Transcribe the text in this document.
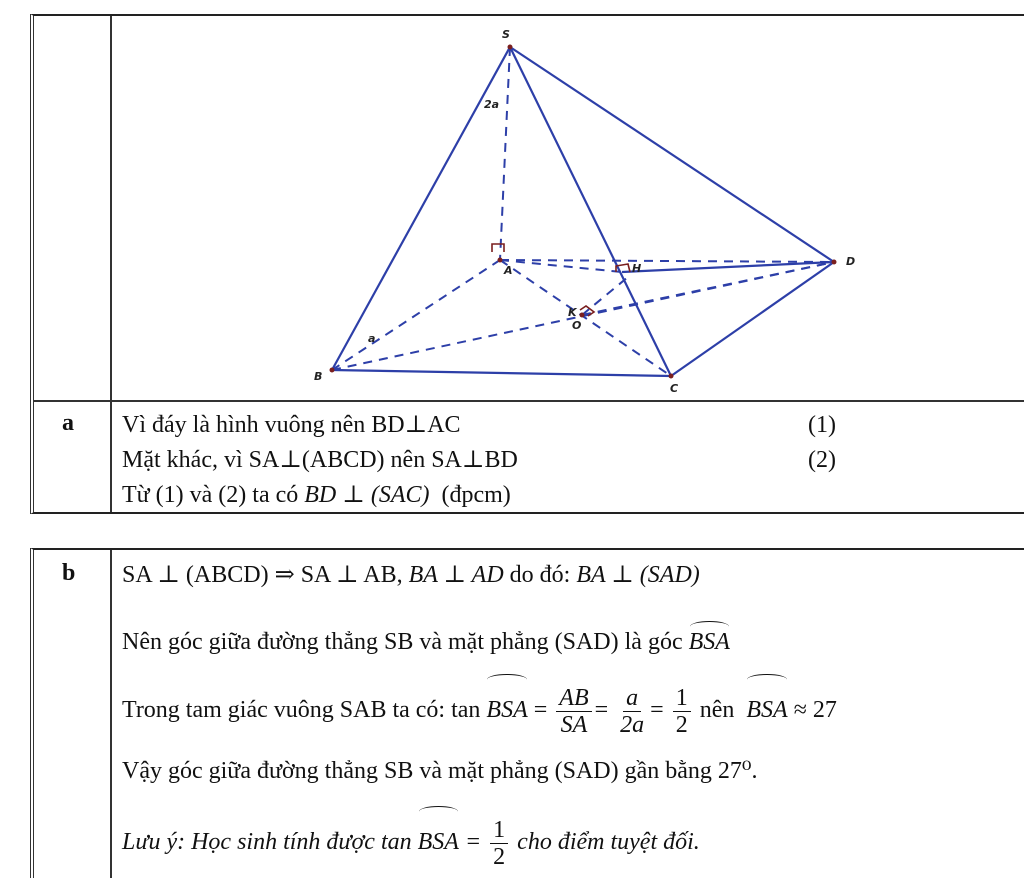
S
A
B
C
D
O
H
K
2a
a
a Vì đáy là hình vuông nên BD⊥AC	(1)
Mặt khác, vì SA⊥(ABCD) nên SA⊥BD	(2)
Từ (1) và (2) ta có BD ⊥ (SAC) (đpcm)
b SA ⊥ (ABCD) ⇒ SA ⊥ AB, BA ⊥ AD do đó: BA ⊥ (SAD)
Nên góc giữa đường thẳng SB và mặt phẳng (SAD) là góc BSA
Trong tam giác vuông SAB ta có: tan BSA = $\frac{AB}{SA} = \frac{a}{2a} = \frac{1}{2}$ nên  BSA ≈ 27
Vậy góc giữa đường thẳng SB và mặt phẳng (SAD) gần bằng 27⁰.
Lưu ý: Học sinh tính được tan BSA = $\frac{1}{2}$ cho điểm tuyệt đối.
